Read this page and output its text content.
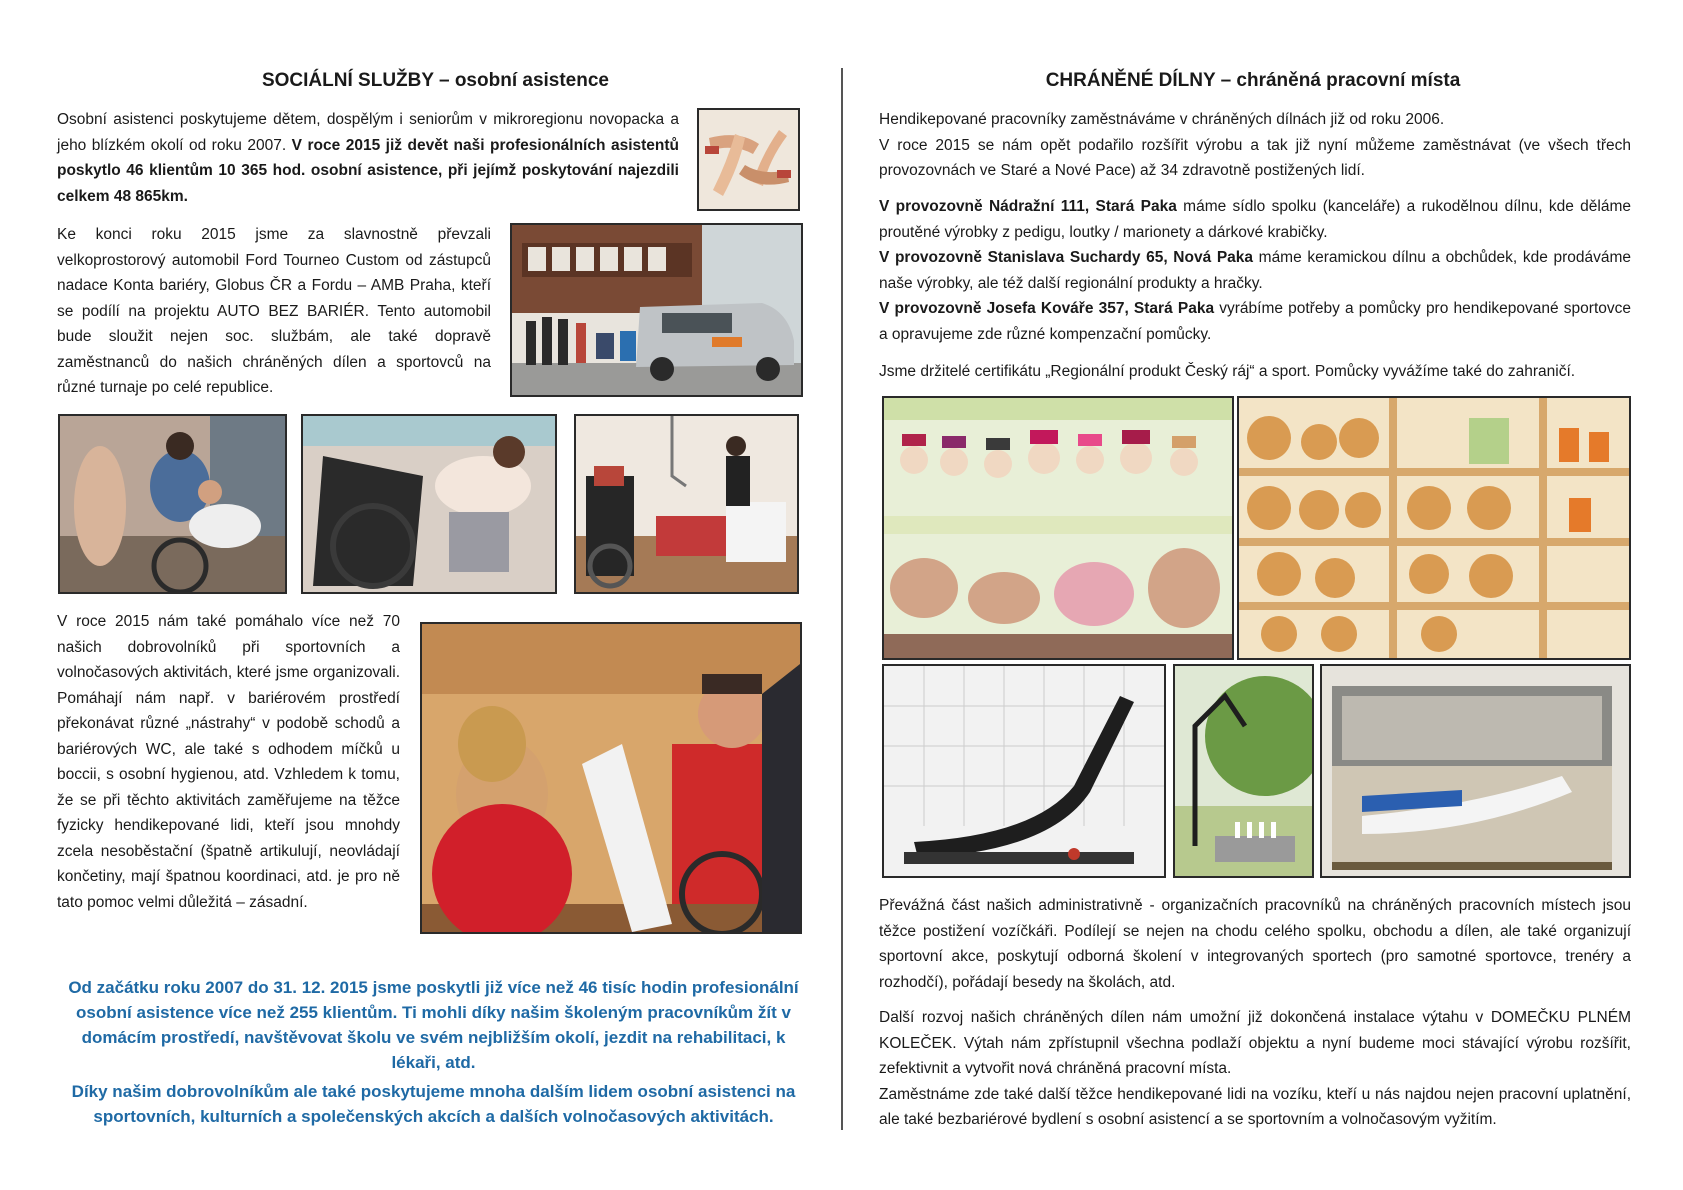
SOCIÁLNÍ SLUŽBY – osobní asistence

Osobní asistenci poskytujeme dětem, dospělým i seniorům v mikroregionu novopacka a jeho blízkém okolí od roku 2007. V roce 2015 již devět naši profesionálních asistentů poskytlo 46 klientům 10 365 hod. osobní asistence, při jejímž poskytování najezdili celkem 48 865km.

Ke konci roku 2015 jsme za slavnostně převzali velkoprostorový automobil Ford Tourneo Custom od zástupců nadace Konta bariéry, Globus ČR a Fordu – AMB Praha, kteří se podílí na projektu AUTO BEZ BARIÉR. Tento automobil bude sloužit nejen soc. službám, ale také dopravě zaměstnanců do našich chráněných dílen a sportovců na různé turnaje po celé republice.

V roce 2015 nám také pomáhalo více než 70 našich dobrovolníků při sportovních a volnočasových aktivitách, které jsme organizovali. Pomáhají nám např. v bariérovém prostředí překonávat různé „nástrahy“ v podobě schodů a bariérových WC, ale také s odhodem míčků u boccii, s osobní hygienou, atd. Vzhledem k tomu, že se při těchto aktivitách zaměřujeme na těžce fyzicky hendikepované lidi, kteří jsou mnohdy zcela nesoběstační (špatně artikulují, neovládají končetiny, mají špatnou koordinaci, atd. je pro ně tato pomoc velmi důležitá – zásadní.

Od začátku roku 2007 do 31. 12. 2015 jsme poskytli již více než 46 tisíc hodin profesionální osobní asistence více než 255 klientům. Ti mohli díky našim školeným pracovníkům žít v domácím prostředí, navštěvovat školu ve svém nejbližším okolí, jezdit na rehabilitaci, k lékaři, atd.

Díky našim dobrovolníkům ale také poskytujeme mnoha dalším lidem osobní asistenci na sportovních, kulturních a společenských akcích a dalších volnočasových aktivitách.

CHRÁNĚNÉ DÍLNY – chráněná pracovní místa

Hendikepované pracovníky zaměstnáváme v chráněných dílnách již od roku 2006.
V roce 2015 se nám opět podařilo rozšířit výrobu a tak již nyní můžeme zaměstnávat (ve všech třech provozovnách ve Staré a Nové Pace) až 34 zdravotně postižených lidí.

V provozovně Nádražní 111, Stará Paka máme sídlo spolku (kanceláře) a rukodělnou dílnu, kde děláme proutěné výrobky z pedigu, loutky / marionety a dárkové krabičky.
V provozovně Stanislava Suchardy 65, Nová Paka máme keramickou dílnu a obchůdek, kde prodáváme naše výrobky, ale též další regionální produkty a hračky.
V provozovně Josefa Kováře 357, Stará Paka vyrábíme potřeby a pomůcky pro hendikepované sportovce a opravujeme zde různé kompenzační pomůcky.

Jsme držitelé certifikátu „Regionální produkt Český ráj“ a sport. Pomůcky vyvážíme také do zahraničí.

Převážná část našich administrativně - organizačních pracovníků na chráněných pracovních místech jsou těžce postižení vozíčkáři. Podílejí se nejen na chodu celého spolku, obchodu a dílen, ale také organizují sportovní akce, poskytují odborná školení v integrovaných sportech (pro samotné sportovce, trenéry a rozhodčí), pořádají besedy na školách, atd.

Další rozvoj našich chráněných dílen nám umožní již dokončená instalace výtahu v DOMEČKU PLNÉM KOLEČEK. Výtah nám zpřístupnil všechna podlaží objektu a nyní budeme moci stávající výrobu rozšířit, zefektivnit a vytvořit nová chráněná pracovní místa.
Zaměstnáme zde také další těžce hendikepované lidi na vozíku, kteří u nás najdou nejen pracovní uplatnění, ale také bezbariérové bydlení s osobní asistencí a se sportovním a volnočasovým vyžitím.
